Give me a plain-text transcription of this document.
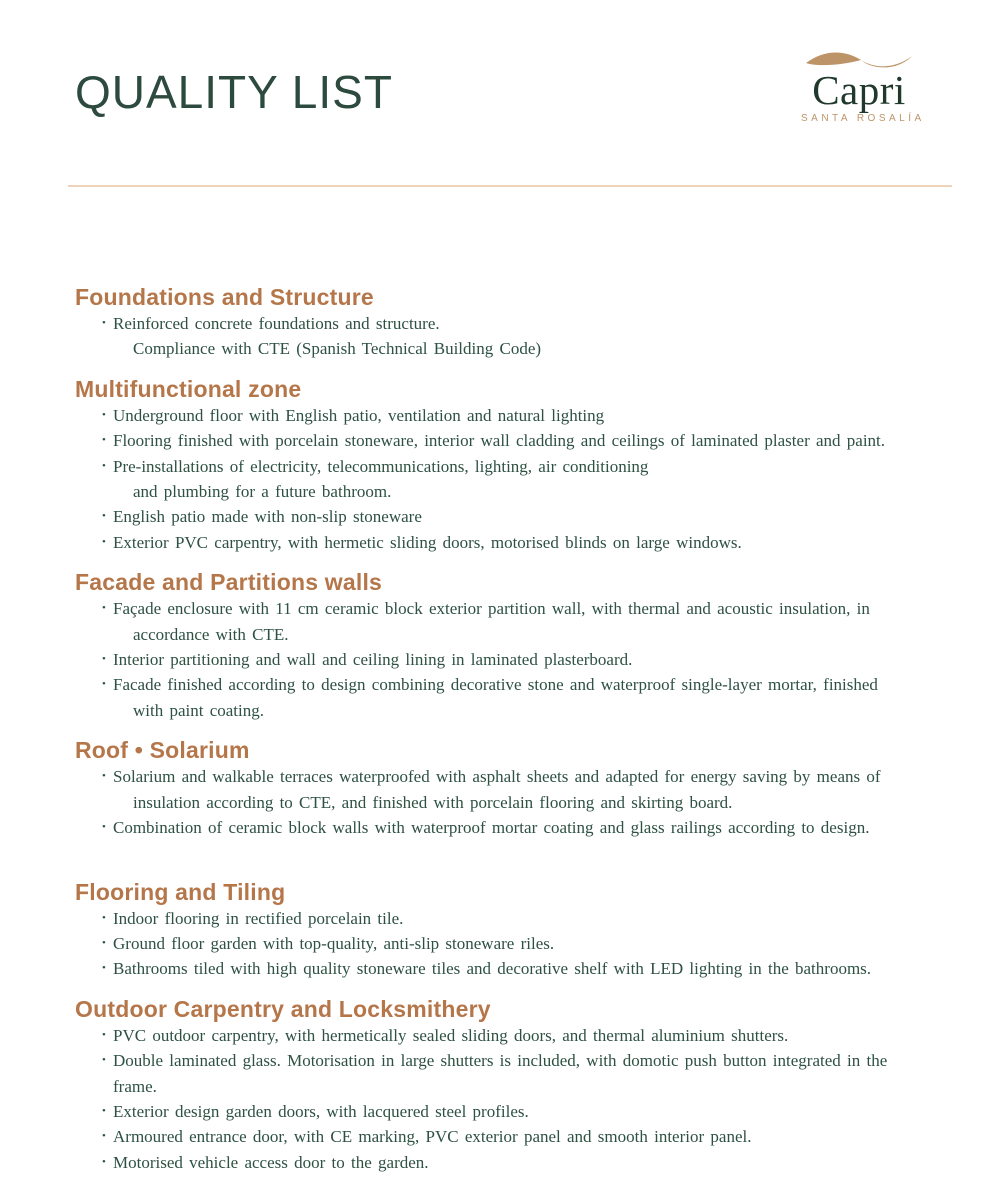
QUALITY LIST	Capri
SANTA ROSALÍA
Foundations and Structure
• Reinforced concrete foundations and structure.
Compliance with CTE (Spanish Technical Building Code)
Multifunctional zone
• Underground floor with English patio, ventilation and natural lighting
• Flooring finished with porcelain stoneware, interior wall cladding and ceilings of laminated plaster and paint.
• Pre-installations of electricity, telecommunications, lighting, air conditioning
and plumbing for a future bathroom.
• English patio made with non-slip stoneware
• Exterior PVC carpentry, with hermetic sliding doors, motorised blinds on large windows.
Facade and Partitions walls
• Façade enclosure with 11 cm ceramic block exterior partition wall, with thermal and acoustic insulation, in
accordance with CTE.
• Interior partitioning and wall and ceiling lining in laminated plasterboard.
• Facade finished according to design combining decorative stone and waterproof single-layer mortar, finished
with paint coating.
Roof • Solarium
• Solarium and walkable terraces waterproofed with asphalt sheets and adapted for energy saving by means of
insulation according to CTE, and finished with porcelain flooring and skirting board.
• Combination of ceramic block walls with waterproof mortar coating and glass railings according to design.
Flooring and Tiling
• Indoor flooring in rectified porcelain tile.
• Ground floor garden with top-quality, anti-slip stoneware riles.
• Bathrooms tiled with high quality stoneware tiles and decorative shelf with LED lighting in the bathrooms.
Outdoor Carpentry and Locksmithery
• PVC outdoor carpentry, with hermetically sealed sliding doors, and thermal aluminium shutters.
• Double laminated glass. Motorisation in large shutters is included, with domotic push button integrated in the
frame.
• Exterior design garden doors, with lacquered steel profiles.
• Armoured entrance door, with CE marking, PVC exterior panel and smooth interior panel.
• Motorised vehicle access door to the garden.
